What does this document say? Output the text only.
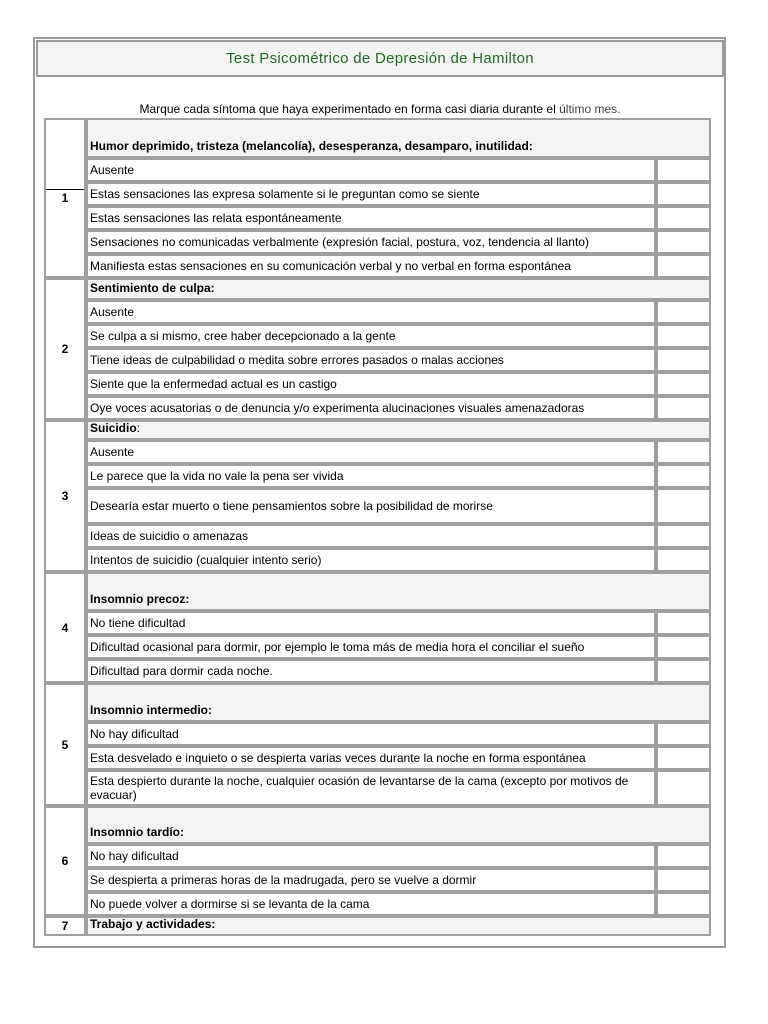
Test Psicométrico de Depresión de Hamilton
Marque cada síntoma que haya experimentado en forma casi diaria durante el último mes.
1
Humor deprimido, tristeza (melancolía), desesperanza, desamparo, inutilidad:
Ausente
Estas sensaciones las expresa solamente si le preguntan como se siente
Estas sensaciones las relata espontáneamente
Sensaciones no comunicadas verbalmente (expresión facial, postura, voz, tendencia al llanto)
Manifiesta estas sensaciones en su comunicación verbal y no verbal en forma espontánea
2
Sentimiento de culpa:
Ausente
Se culpa a si mismo, cree haber decepcionado a la gente
Tiene ideas de culpabilidad o medita sobre errores pasados o malas acciones
Siente que la enfermedad actual es un castigo
Oye voces acusatorias o de denuncia y/o experimenta alucinaciones visuales amenazadoras
3
Suicidio :
Ausente
Le parece que la vida no vale la pena ser vivida
Desearía estar muerto o tiene pensamientos sobre la posibilidad de morirse
Ideas de suicidio o amenazas
Intentos de suicidio (cualquier intento serio)
4
Insomnio precoz:
No tiene dificultad
Dificultad ocasional para dormir, por ejemplo le toma más de media hora el conciliar el sueño
Dificultad para dormir cada noche.
5
Insomnio intermedio:
No hay dificultad
Esta desvelado e inquieto o se despierta varias veces durante la noche en forma espontánea
Esta despierto durante la noche, cualquier ocasión de levantarse de la cama (excepto por motivos de evacuar)
6
Insomnio tardío:
No hay dificultad
Se despierta a primeras horas de la madrugada, pero se vuelve a dormir
No puede volver a dormirse si se levanta de la cama
7 Trabajo y actividades:
